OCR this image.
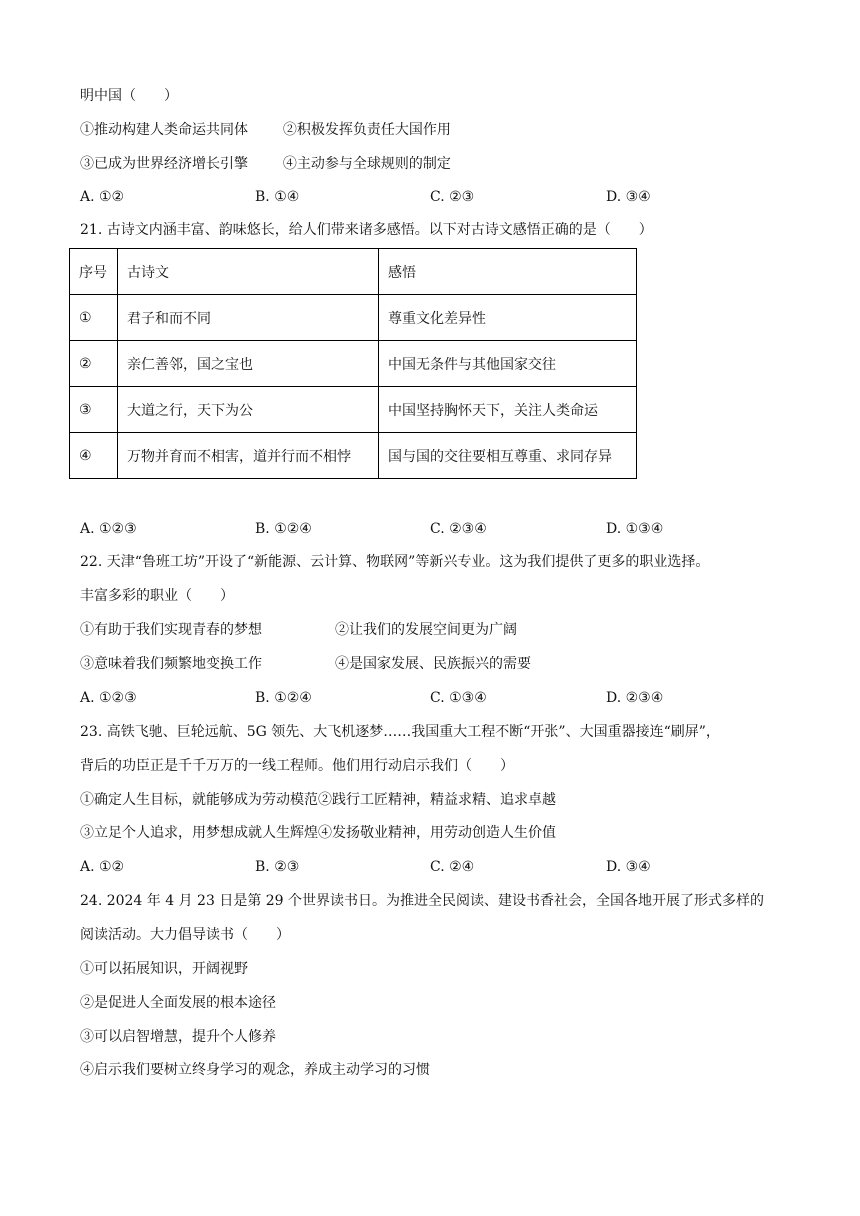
明中国（　　）
①推动构建人类命运共同体 ②积极发挥负责任大国作用
③已成为世界经济增长引擎 ④主动参与全球规则的制定
A. ①②	B. ①④	C. ②③	D. ③④
21. 古诗文内涵丰富、韵味悠长，给人们带来诸多感悟。以下对古诗文感悟正确的是（　　）
序号	古诗文	感悟
①	君子和而不同	尊重文化差异性
②	亲仁善邻，国之宝也	中国无条件与其他国家交往
③	大道之行，天下为公	中国坚持胸怀天下，关注人类命运
④	万物并育而不相害，道并行而不相悖	国与国的交往要相互尊重、求同存异
A. ①②③	B. ①②④	C. ②③④	D. ①③④
22. 天津“鲁班工坊”开设了“新能源、云计算、物联网”等新兴专业。这为我们提供了更多的职业选择。
丰富多彩的职业（　　）
①有助于我们实现青春的梦想	②让我们的发展空间更为广阔
③意味着我们频繁地变换工作	④是国家发展、民族振兴的需要
A. ①②③	B. ①②④	C. ①③④	D. ②③④
23. 高铁飞驰、巨轮远航、5G 领先、大飞机逐梦……我国重大工程不断“开张”、大国重器接连“刷屏”，
背后的功臣正是千千万万的一线工程师。他们用行动启示我们（　　）
①确定人生目标，就能够成为劳动模范②践行工匠精神，精益求精、追求卓越
③立足个人追求，用梦想成就人生辉煌④发扬敬业精神，用劳动创造人生价值
A. ①②	B. ②③	C. ②④	D. ③④
24. 2024 年 4 月 23 日是第 29 个世界读书日。为推进全民阅读、建设书香社会，全国各地开展了形式多样的
阅读活动。大力倡导读书（　　）
①可以拓展知识，开阔视野
②是促进人全面发展的根本途径
③可以启智增慧，提升个人修养
④启示我们要树立终身学习的观念，养成主动学习的习惯
